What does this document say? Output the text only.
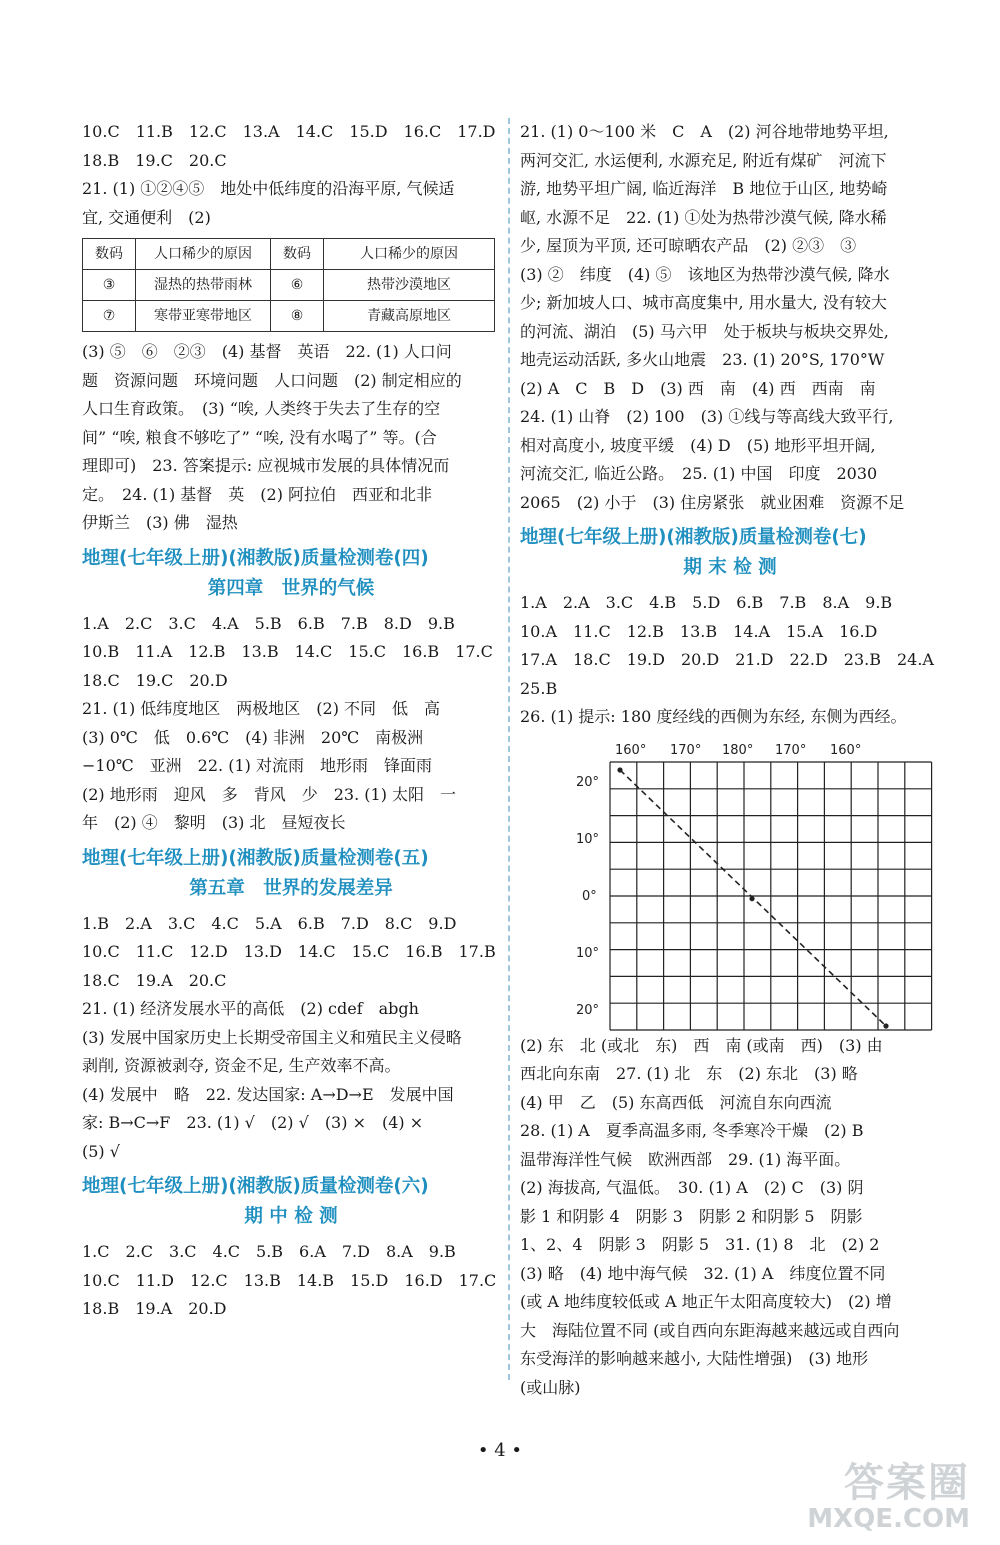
10.C　11.B　12.C　13.A　14.C　15.D　16.C　17.D
18.B　19.C　20.C
21. (1) ①②④⑤　地处中低纬度的沿海平原, 气候适
宜, 交通便利　(2)
数码	人口稀少的原因	数码	人口稀少的原因
③	湿热的热带雨林	⑥	热带沙漠地区
⑦	寒带亚寒带地区	⑧	青藏高原地区
(3) ⑤　⑥　②③　(4) 基督　英语　22. (1) 人口问
题　资源问题　环境问题　人口问题　(2) 制定相应的
人口生育政策。　(3) “唉, 人类终于失去了生存的空
间” “唉, 粮食不够吃了” “唉, 没有水喝了” 等。(合
理即可)　23. 答案提示: 应视城市发展的具体情况而
定。　24. (1) 基督　英　(2) 阿拉伯　西亚和北非
伊斯兰　(3) 佛　湿热
地理(七年级上册)(湘教版)质量检测卷(四)
第四章　世界的气候
1.A　2.C　3.C　4.A　5.B　6.B　7.B　8.D　9.B
10.B　11.A　12.B　13.B　14.C　15.C　16.B　17.C
18.C　19.C　20.D
21. (1) 低纬度地区　两极地区　(2) 不同　低　高
(3) 0℃　低　0.6℃　(4) 非洲　20℃　南极洲
−10℃　亚洲　22. (1) 对流雨　地形雨　锋面雨
(2) 地形雨　迎风　多　背风　少　23. (1) 太阳　一
年　(2) ④　黎明　(3) 北　昼短夜长
地理(七年级上册)(湘教版)质量检测卷(五)
第五章　世界的发展差异
1.B　2.A　3.C　4.C　5.A　6.B　7.D　8.C　9.D
10.C　11.C　12.D　13.D　14.C　15.C　16.B　17.B
18.C　19.A　20.C
21. (1) 经济发展水平的高低　(2) cdef　abgh
(3) 发展中国家历史上长期受帝国主义和殖民主义侵略
剥削, 资源被剥夺, 资金不足, 生产效率不高。
(4) 发展中　略　22. 发达国家: A→D→E　发展中国
家: B→C→F　23. (1) √　(2) √　(3) ×　(4) ×
(5) √
地理(七年级上册)(湘教版)质量检测卷(六)
期 中 检 测
1.C　2.C　3.C　4.C　5.B　6.A　7.D　8.A　9.B
10.C　11.D　12.C　13.B　14.B　15.D　16.D　17.C
18.B　19.A　20.D
21. (1) 0～100 米　C　A　(2) 河谷地带地势平坦,
两河交汇, 水运便利, 水源充足, 附近有煤矿　河流下
游, 地势平坦广阔, 临近海洋　B 地位于山区, 地势崎
岖, 水源不足　22. (1) ①处为热带沙漠气候, 降水稀
少, 屋顶为平顶, 还可晾晒农产品　(2) ②③　③
(3) ②　纬度　(4) ⑤　该地区为热带沙漠气候, 降水
少; 新加坡人口、城市高度集中, 用水量大, 没有较大
的河流、湖泊　(5) 马六甲　处于板块与板块交界处,
地壳运动活跃, 多火山地震　23. (1) 20°S, 170°W
(2) A　C　B　D　(3) 西　南　(4) 西　西南　南
24. (1) 山脊　(2) 100　(3) ①线与等高线大致平行,
相对高度小, 坡度平缓　(4) D　(5) 地形平坦开阔,
河流交汇, 临近公路。　25. (1) 中国　印度　2030
2065　(2) 小于　(3) 住房紧张　就业困难　资源不足
地理(七年级上册)(湘教版)质量检测卷(七)
期 末 检 测
1.A　2.A　3.C　4.B　5.D　6.B　7.B　8.A　9.B
10.A　11.C　12.B　13.B　14.A　15.A　16.D
17.A　18.C　19.D　20.D　21.D　22.D　23.B　24.A
25.B
26. (1) 提示: 180 度经线的西侧为东经, 东侧为西经。
160° 170° 180° 170° 160°
20°
10°
0°
10°
20°
(2) 东　北 (或北　东)　西　南 (或南　西)　(3) 由
西北向东南　27. (1) 北　东　(2) 东北　(3) 略
(4) 甲　乙　(5) 东高西低　河流自东向西流
28. (1) A　夏季高温多雨, 冬季寒冷干燥　(2) B
温带海洋性气候　欧洲西部　29. (1) 海平面。
(2) 海拔高, 气温低。　30. (1) A　(2) C　(3) 阴
影 1 和阴影 4　阴影 3　阴影 2 和阴影 5　阴影
1、2、4　阴影 3　阴影 5　31. (1) 8　北　(2) 2
(3) 略　(4) 地中海气候　32. (1) A　纬度位置不同
(或 A 地纬度较低或 A 地正午太阳高度较大)　(2) 增
大　海陆位置不同 (或自西向东距海越来越远或自西向
东受海洋的影响越来越小, 大陆性增强)　(3) 地形
(或山脉)
• 4 •
答案圈
MXQE.COM
